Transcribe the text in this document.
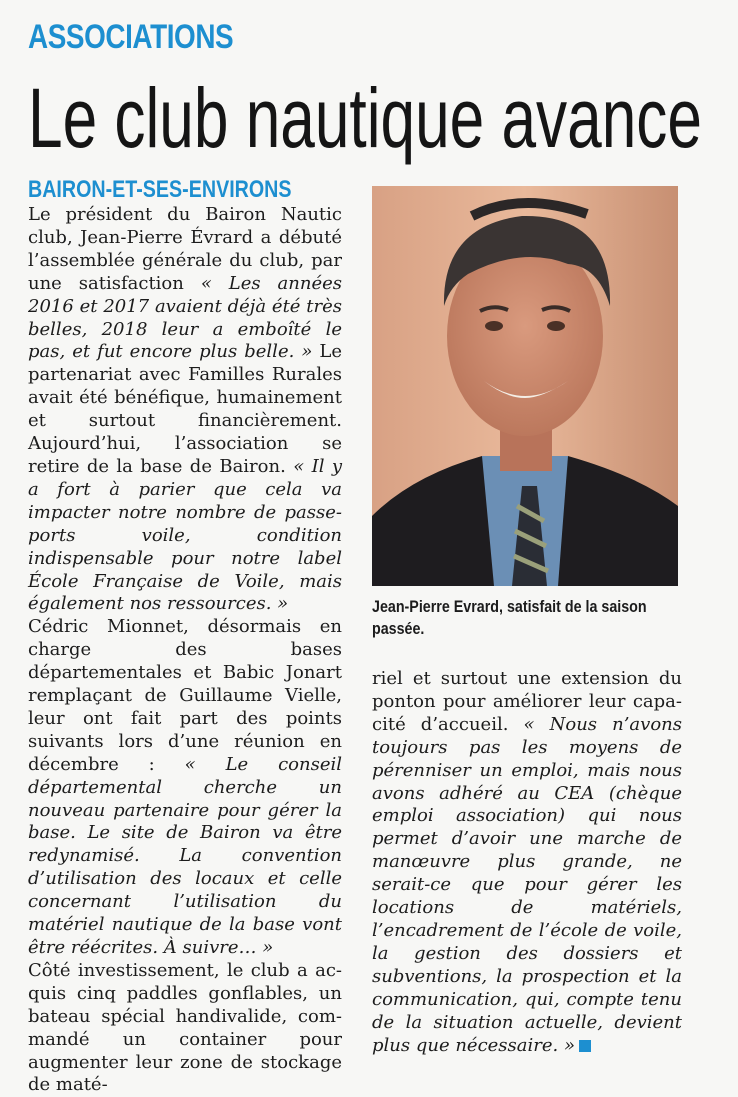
ASSOCIATIONS
Le club nautique avance
BAIRON-ET-SES-ENVIRONS

Le président du Bairon Nautic club, Jean-Pierre Évrard a débuté l’assemblée générale du club, par une satisfaction « Les années 2016 et 2017 avaient déjà été très belles, 2018 leur a emboîté le pas, et fut encore plus belle. » Le partenariat avec Familles Rurales avait été bénéfique, humainement et surtout financièrement. Aujourd’hui, l’association se retire de la base de Bairon. « Il y a fort à parier que cela va impacter notre nombre de passeports voile, condition indispensable pour notre label École Française de Voile, mais également nos ressources. »

Cédric Mionnet, désormais en charge des bases départementales et Babic Jonart remplaçant de Guillaume Vielle, leur ont fait part des points suivants lors d’une réunion en décembre : « Le conseil départemental cherche un nouveau partenaire pour gérer la base. Le site de Bairon va être redynamisé. La convention d’utilisation des locaux et celle concernant l’utilisation du matériel nautique de la base vont être réécrites. À suivre… »

Côté investissement, le club a acquis cinq paddles gonflables, un bateau spécial handivalide, commandé un container pour augmenter leur zone de stockage de maté-

Jean-Pierre Evrard, satisfait de la saison passée.

riel et surtout une extension du ponton pour améliorer leur capacité d’accueil. « Nous n’avons toujours pas les moyens de pérenniser un emploi, mais nous avons adhéré au CEA (chèque emploi association) qui nous permet d’avoir une marche de manœuvre plus grande, ne serait-ce que pour gérer les locations de matériels, l’encadrement de l’école de voile, la gestion des dossiers et subventions, la prospection et la communication, qui, compte tenu de la situation actuelle, devient plus que nécessaire. »
